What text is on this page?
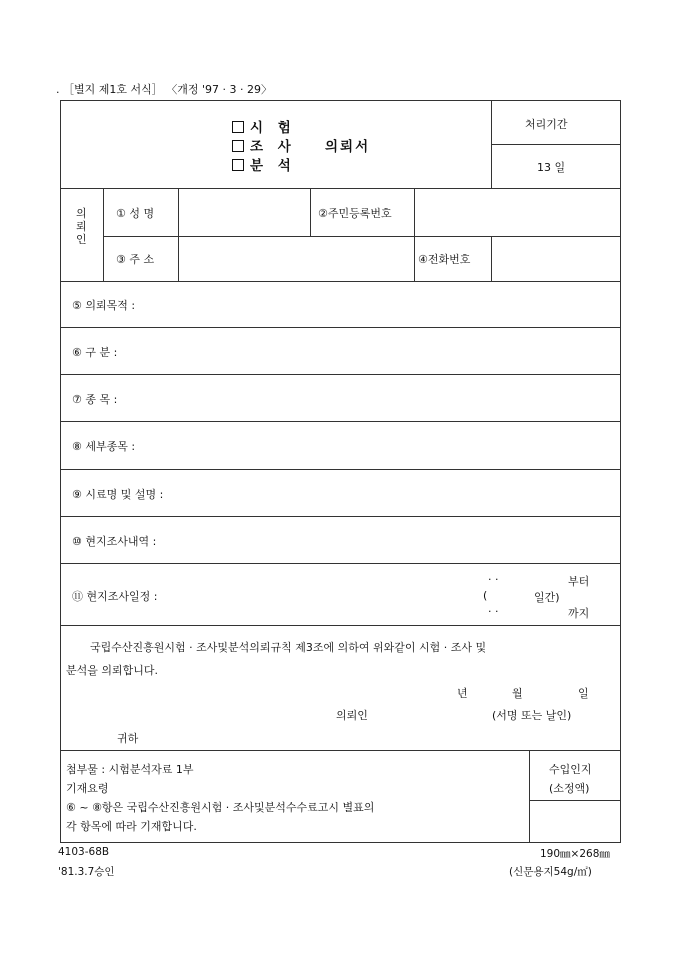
. ［별지 제1호 서식］ 〈개정 '97 · 3 · 29〉
시 험
조 사
분 석
의뢰서
처리기간
13 일
의
뢰
인
① 성 명	②주민등록번호
③ 주 소	④전화번호
⑤ 의뢰목적 :
⑥ 구 분 :
⑦ 종 목 :
⑧ 세부종목 :
⑨ 시료명 및 설명 :
⑩ 현지조사내역 :
⑪ 현지조사일정 :
· ·	부터
(	일간)
· ·	까지
국립수산진흥원시험 · 조사및분석의뢰규칙 제3조에 의하여 위와같이 시험 · 조사 및
분석을 의뢰합니다.
년	월	일
의뢰인	(서명 또는 날인)
귀하
첨부물 : 시험분석자료 1부
기재요령
⑥ ~ ⑧항은 국립수산진흥원시험 · 조사및분석수수료고시 별표의
각 항목에 따라 기재합니다.
수입인지
(소정액)
4103-68B
'81.3.7승인
190㎜×268㎜
(신문용지54g/㎡)
